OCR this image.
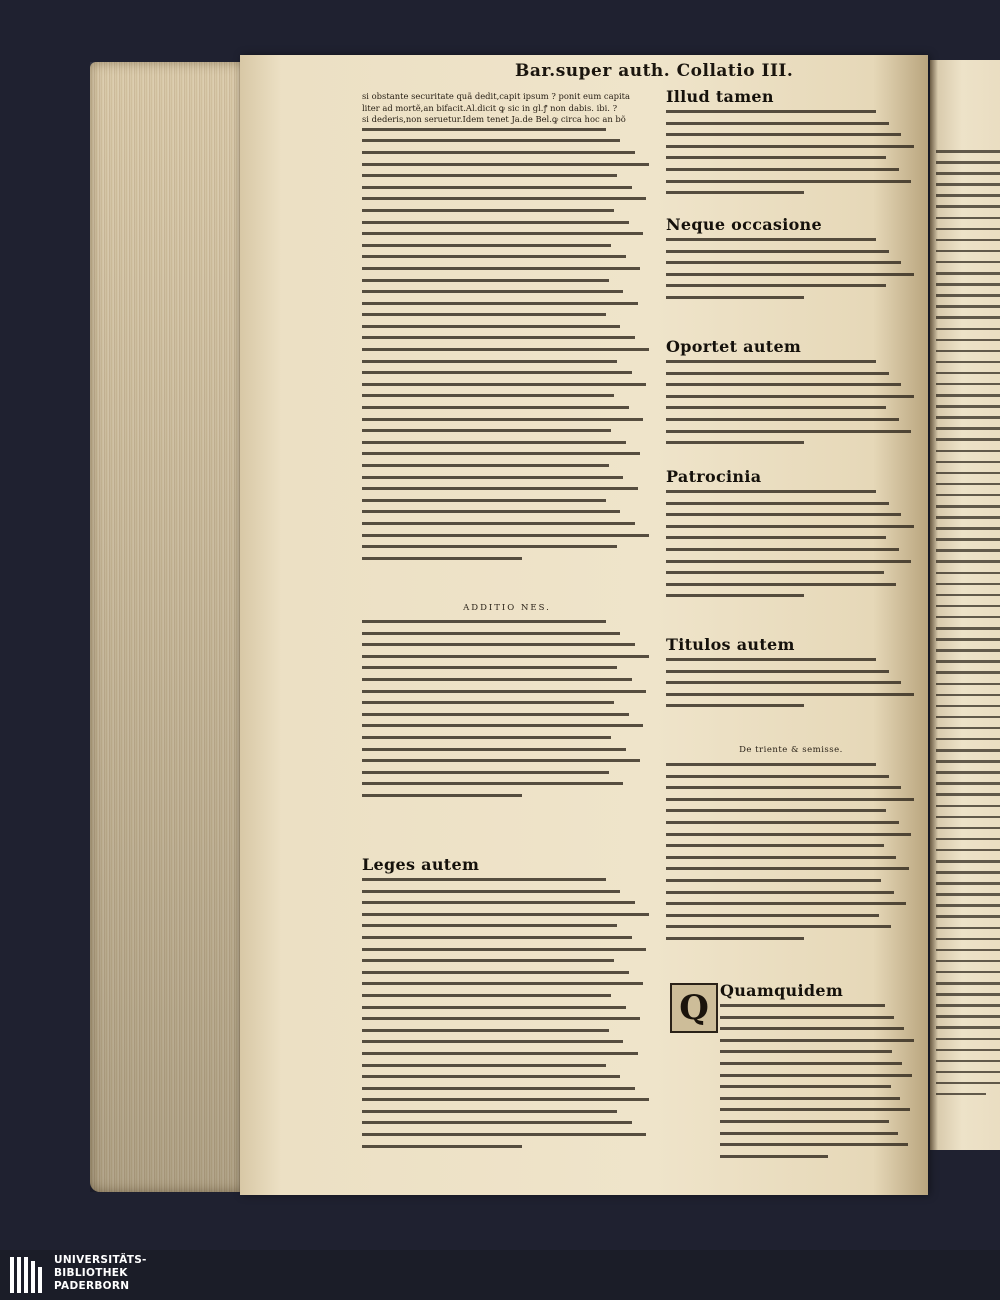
Bar.super auth. Collatio III.

si obstante securitate quã dedit,capit ipsum ? ponit eum capita

liter ad mortẽ,an bifacit.Al.dicit ꝙ sic in gl.ꝭ non dabis. ibi. ?

si dederis,non seruetur.Idem tenet Ja.de Bel.ꝙ circa hoc an bõ

ADDITIO NES.
Leges autem
Illud tamen
Neque occasione
Oportet autem
Patrocinia
Titulos autem
De triente & semisse.
Q Quamquidem
UNIVERSITÄTS-
BIBLIOTHEK
PADERBORN
